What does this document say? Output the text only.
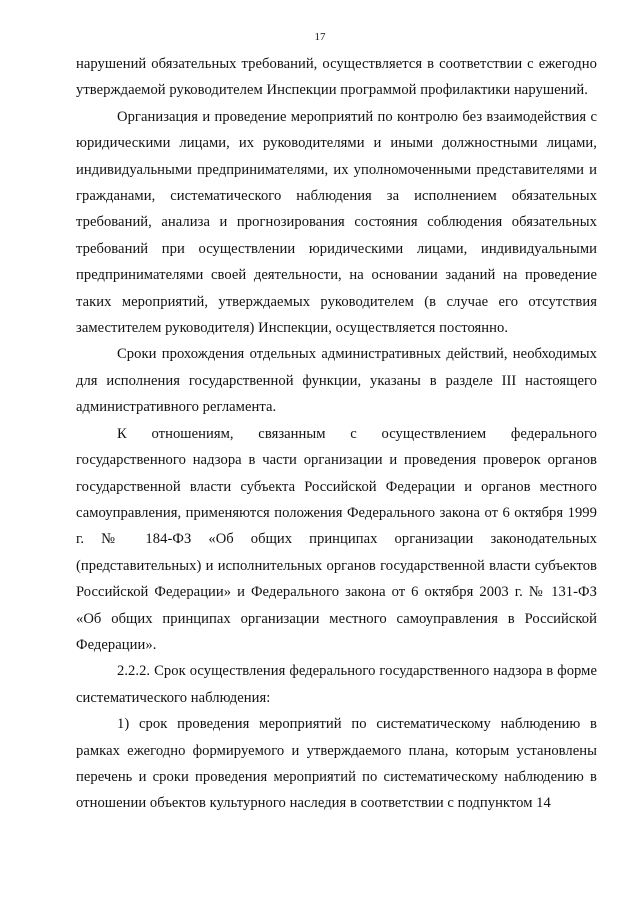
17

нарушений обязательных требований, осуществляется в соответствии с ежегодно утверждаемой руководителем Инспекции программой профилактики нарушений.

Организация и проведение мероприятий по контролю без взаимодействия с юридическими лицами, их руководителями и иными должностными лицами, индивидуальными предпринимателями, их уполномоченными представителями и гражданами, систематического наблюдения за исполнением обязательных требований, анализа и прогнозирования состояния соблюдения обязательных требований при осуществлении юридическими лицами, индивидуальными предпринимателями своей деятельности, на основании заданий на проведение таких мероприятий, утверждаемых руководителем (в случае его отсутствия заместителем руководителя) Инспекции, осуществляется постоянно.

Сроки прохождения отдельных административных действий, необходимых для исполнения государственной функции, указаны в разделе III настоящего административного регламента.

К отношениям, связанным с осуществлением федерального государственного надзора в части организации и проведения проверок органов государственной власти субъекта Российской Федерации и органов местного самоуправления, применяются положения Федерального закона от 6 октября 1999 г. № 184-ФЗ «Об общих принципах организации законодательных (представительных) и исполнительных органов государственной власти субъектов Российской Федерации» и Федерального закона от 6 октября 2003 г. № 131-ФЗ «Об общих принципах организации местного самоуправления в Российской Федерации».

2.2.2. Срок осуществления федерального государственного надзора в форме систематического наблюдения:

1) срок проведения мероприятий по систематическому наблюдению в рамках ежегодно формируемого и утверждаемого плана, которым установлены перечень и сроки проведения мероприятий по систематическому наблюдению в отношении объектов культурного наследия в соответствии с подпунктом 14
